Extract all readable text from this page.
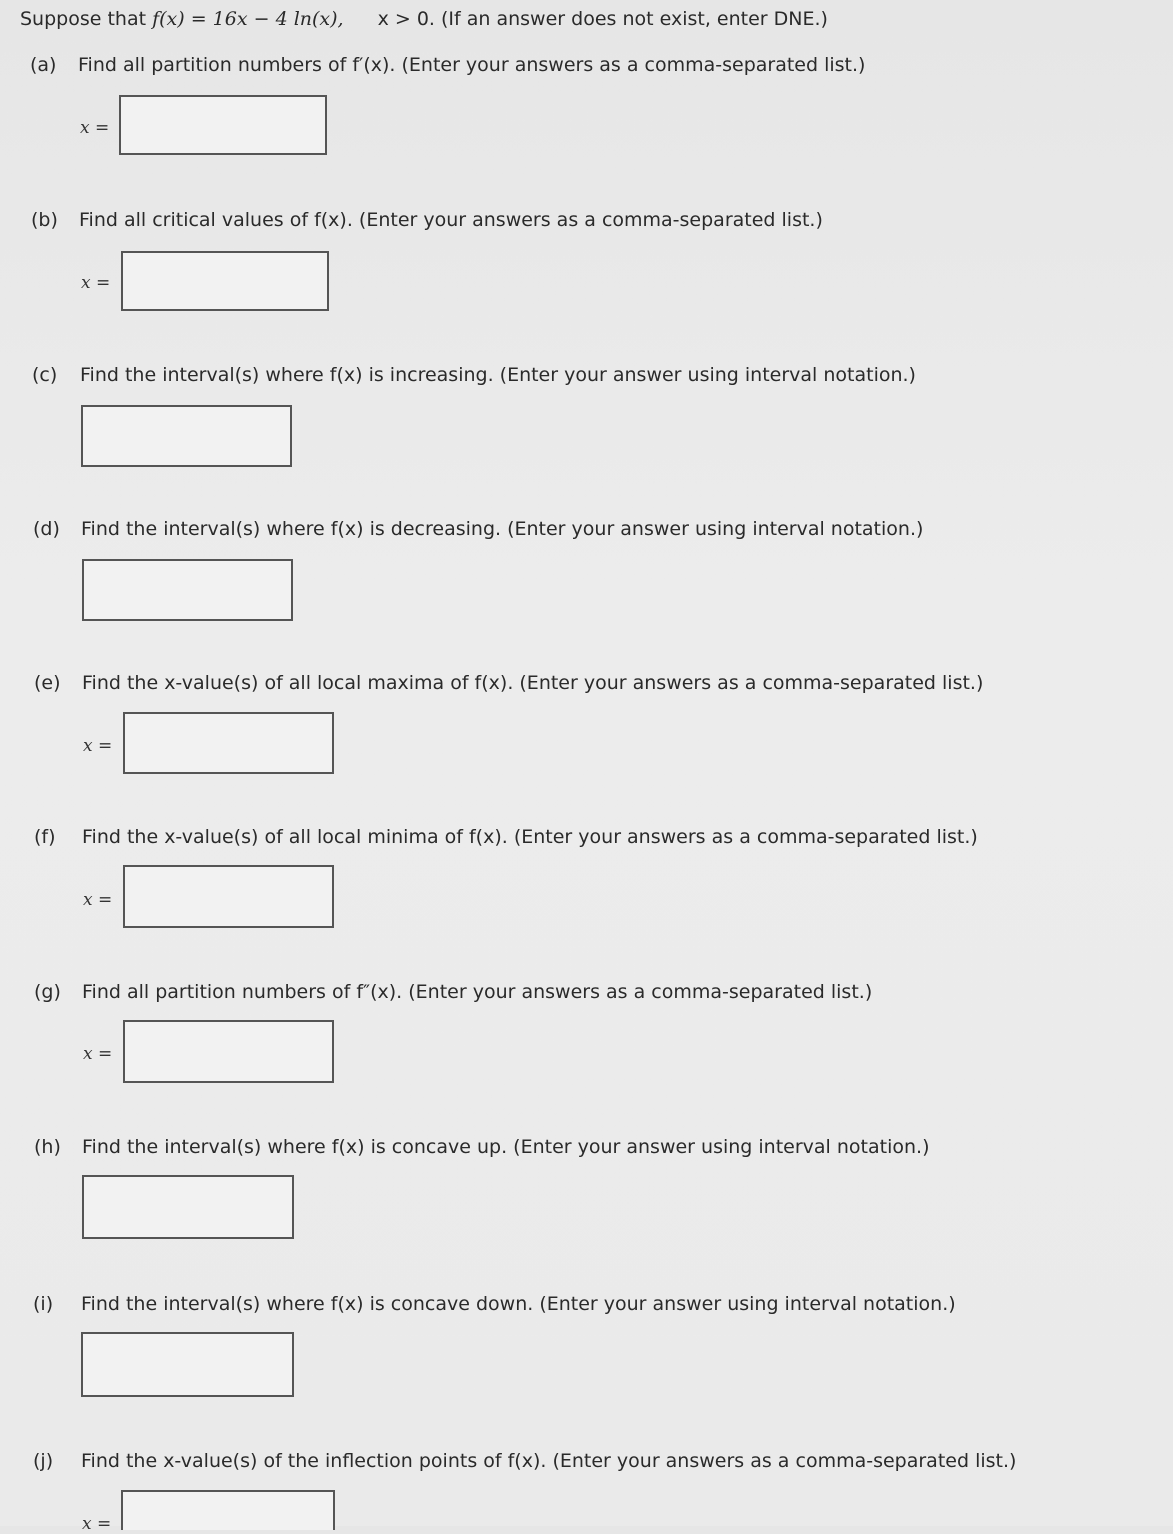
Suppose that f(x) = 16x − 4 ln(x), x > 0. (If an answer does not exist, enter DNE.)
(a) Find all partition numbers of f′(x). (Enter your answers as a comma-separated list.)
x =
(b) Find all critical values of f(x). (Enter your answers as a comma-separated list.)
x =
(c) Find the interval(s) where f(x) is increasing. (Enter your answer using interval notation.)
(d) Find the interval(s) where f(x) is decreasing. (Enter your answer using interval notation.)
(e) Find the x-value(s) of all local maxima of f(x). (Enter your answers as a comma-separated list.)
x =
(f) Find the x-value(s) of all local minima of f(x). (Enter your answers as a comma-separated list.)
x =
(g) Find all partition numbers of f″(x). (Enter your answers as a comma-separated list.)
x =
(h) Find the interval(s) where f(x) is concave up. (Enter your answer using interval notation.)
(i) Find the interval(s) where f(x) is concave down. (Enter your answer using interval notation.)
(j) Find the x-value(s) of the inflection points of f(x). (Enter your answers as a comma-separated list.)
x =
